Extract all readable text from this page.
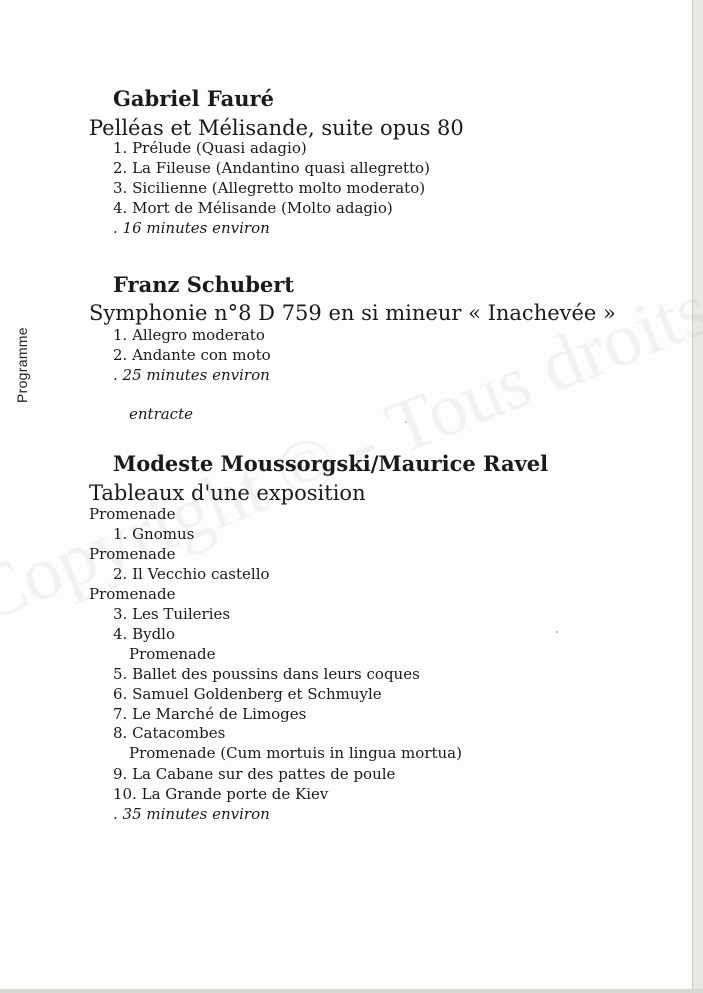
Programme
Gabriel Fauré
Pelléas et Mélisande, suite opus 80
1. Prélude (Quasi adagio)
2. La Fileuse (Andantino quasi allegretto)
3. Sicilienne (Allegretto molto moderato)
4. Mort de Mélisande (Molto adagio)
. 16 minutes environ
Franz Schubert
Symphonie n°8 D 759 en si mineur « Inachevée »
1. Allegro moderato
2. Andante con moto
. 25 minutes environ
entracte
Modeste Moussorgski/Maurice Ravel
Tableaux d'une exposition
Promenade
1. Gnomus
Promenade
2. Il Vecchio castello
Promenade
3. Les Tuileries
4. Bydlo
Promenade
5. Ballet des poussins dans leurs coques
6. Samuel Goldenberg et Schmuyle
7. Le Marché de Limoges
8. Catacombes
Promenade (Cum mortuis in lingua mortua)
9. La Cabane sur des pattes de poule
10. La Grande porte de Kiev
. 35 minutes environ
